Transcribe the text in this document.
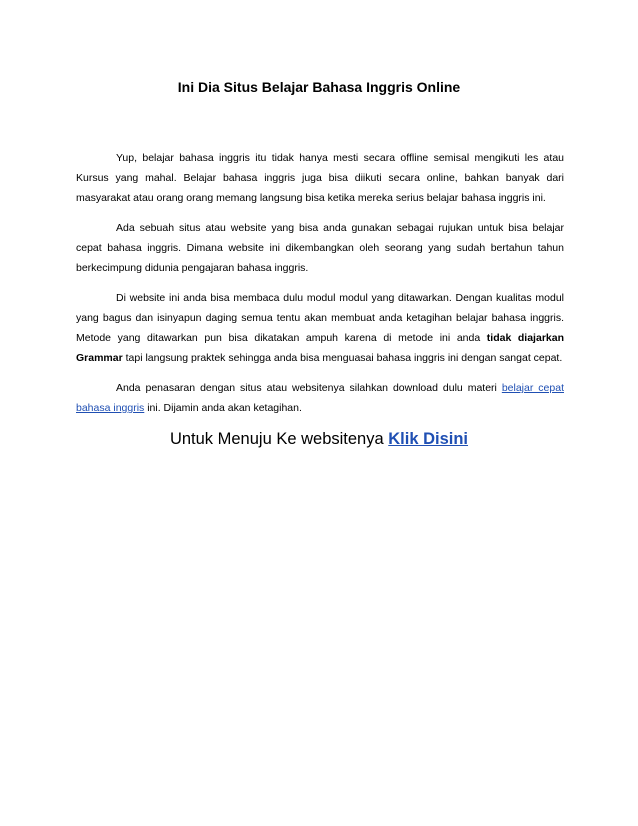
Ini Dia Situs Belajar Bahasa Inggris Online

Yup, belajar bahasa inggris itu tidak hanya mesti secara offline semisal mengikuti les atau Kursus yang mahal. Belajar bahasa inggris juga bisa diikuti secara online, bahkan banyak dari masyarakat atau orang orang memang langsung bisa ketika mereka serius belajar bahasa inggris ini.

Ada sebuah situs atau website yang bisa anda gunakan sebagai rujukan untuk bisa belajar cepat bahasa inggris. Dimana website ini dikembangkan oleh seorang yang sudah bertahun tahun berkecimpung didunia pengajaran bahasa inggris.

Di website ini anda bisa membaca dulu modul modul yang ditawarkan. Dengan kualitas modul yang bagus dan isinyapun daging semua tentu akan membuat anda ketagihan belajar bahasa inggris. Metode yang ditawarkan pun bisa dikatakan ampuh karena di metode ini anda tidak diajarkan Grammar tapi langsung praktek sehingga anda bisa menguasai bahasa inggris ini dengan sangat cepat.

Anda penasaran dengan situs atau websitenya silahkan download dulu materi belajar cepat bahasa inggris ini. Dijamin anda akan ketagihan.

Untuk Menuju Ke websitenya Klik Disini
